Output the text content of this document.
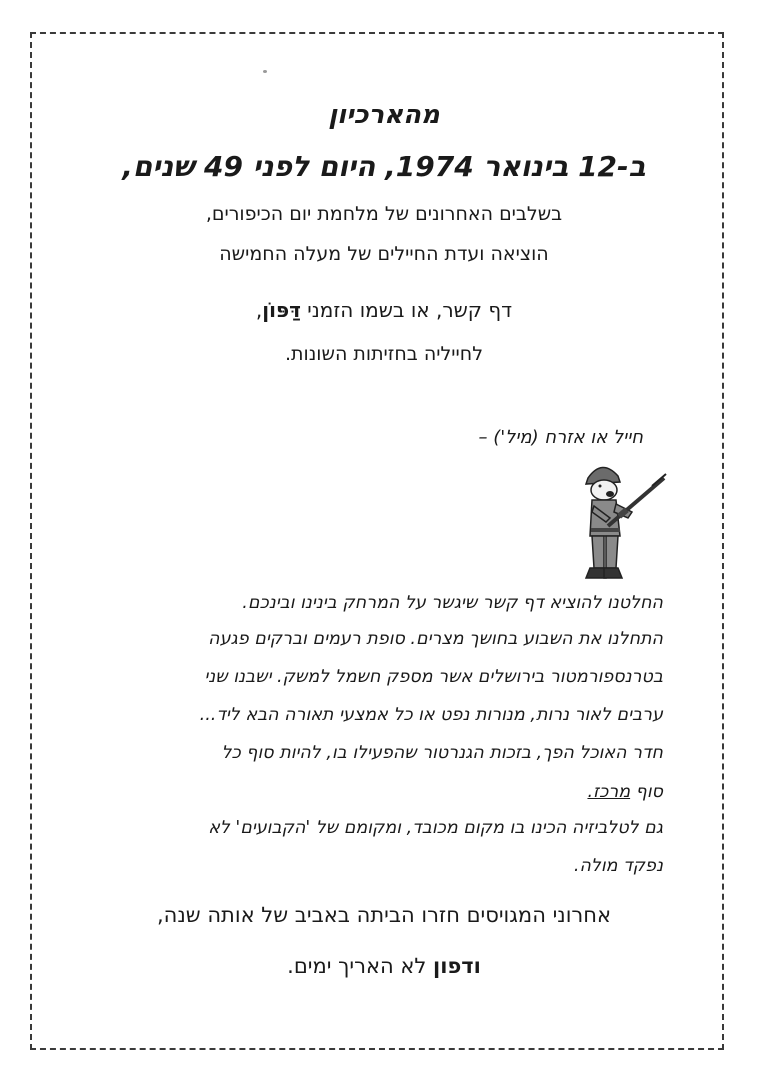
מהארכיון
ב-12 בינואר 1974, היום לפני 49 שנים,
בשלבים האחרונים של מלחמת יום הכיפורים,
הוציאה ועדת החיילים של מעלה החמישה
דף קשר, או בשמו הזמני דַּפּוֹן,
לחייליה בחזיתות השונות.
חייל או אזרח (מיל') –
החלטנו להוציא דף קשר שיגשר על המרחק בינינו ובינכם.
התחלנו את השבוע בחושך מצרים. סופת רעמים וברקים פגעה
בטרנספורמטור בירושלים אשר מספק חשמל למשק. ישבנו שני
ערבים לאור נרות, מנורות נפט או כל אמצעי תאורה הבא ליד...
חדר האוכל הפך, בזכות הגנרטור שהפעילו בו, להיות סוף כל
סוף מרכז.
גם לטלביזיה הכינו בו מקום מכובד, ומקומם של 'הקבועים' לא
נפקד מולה.
אחרוני המגויסים חזרו הביתה באביב של אותה שנה,
ודפון לא האריך ימים.
